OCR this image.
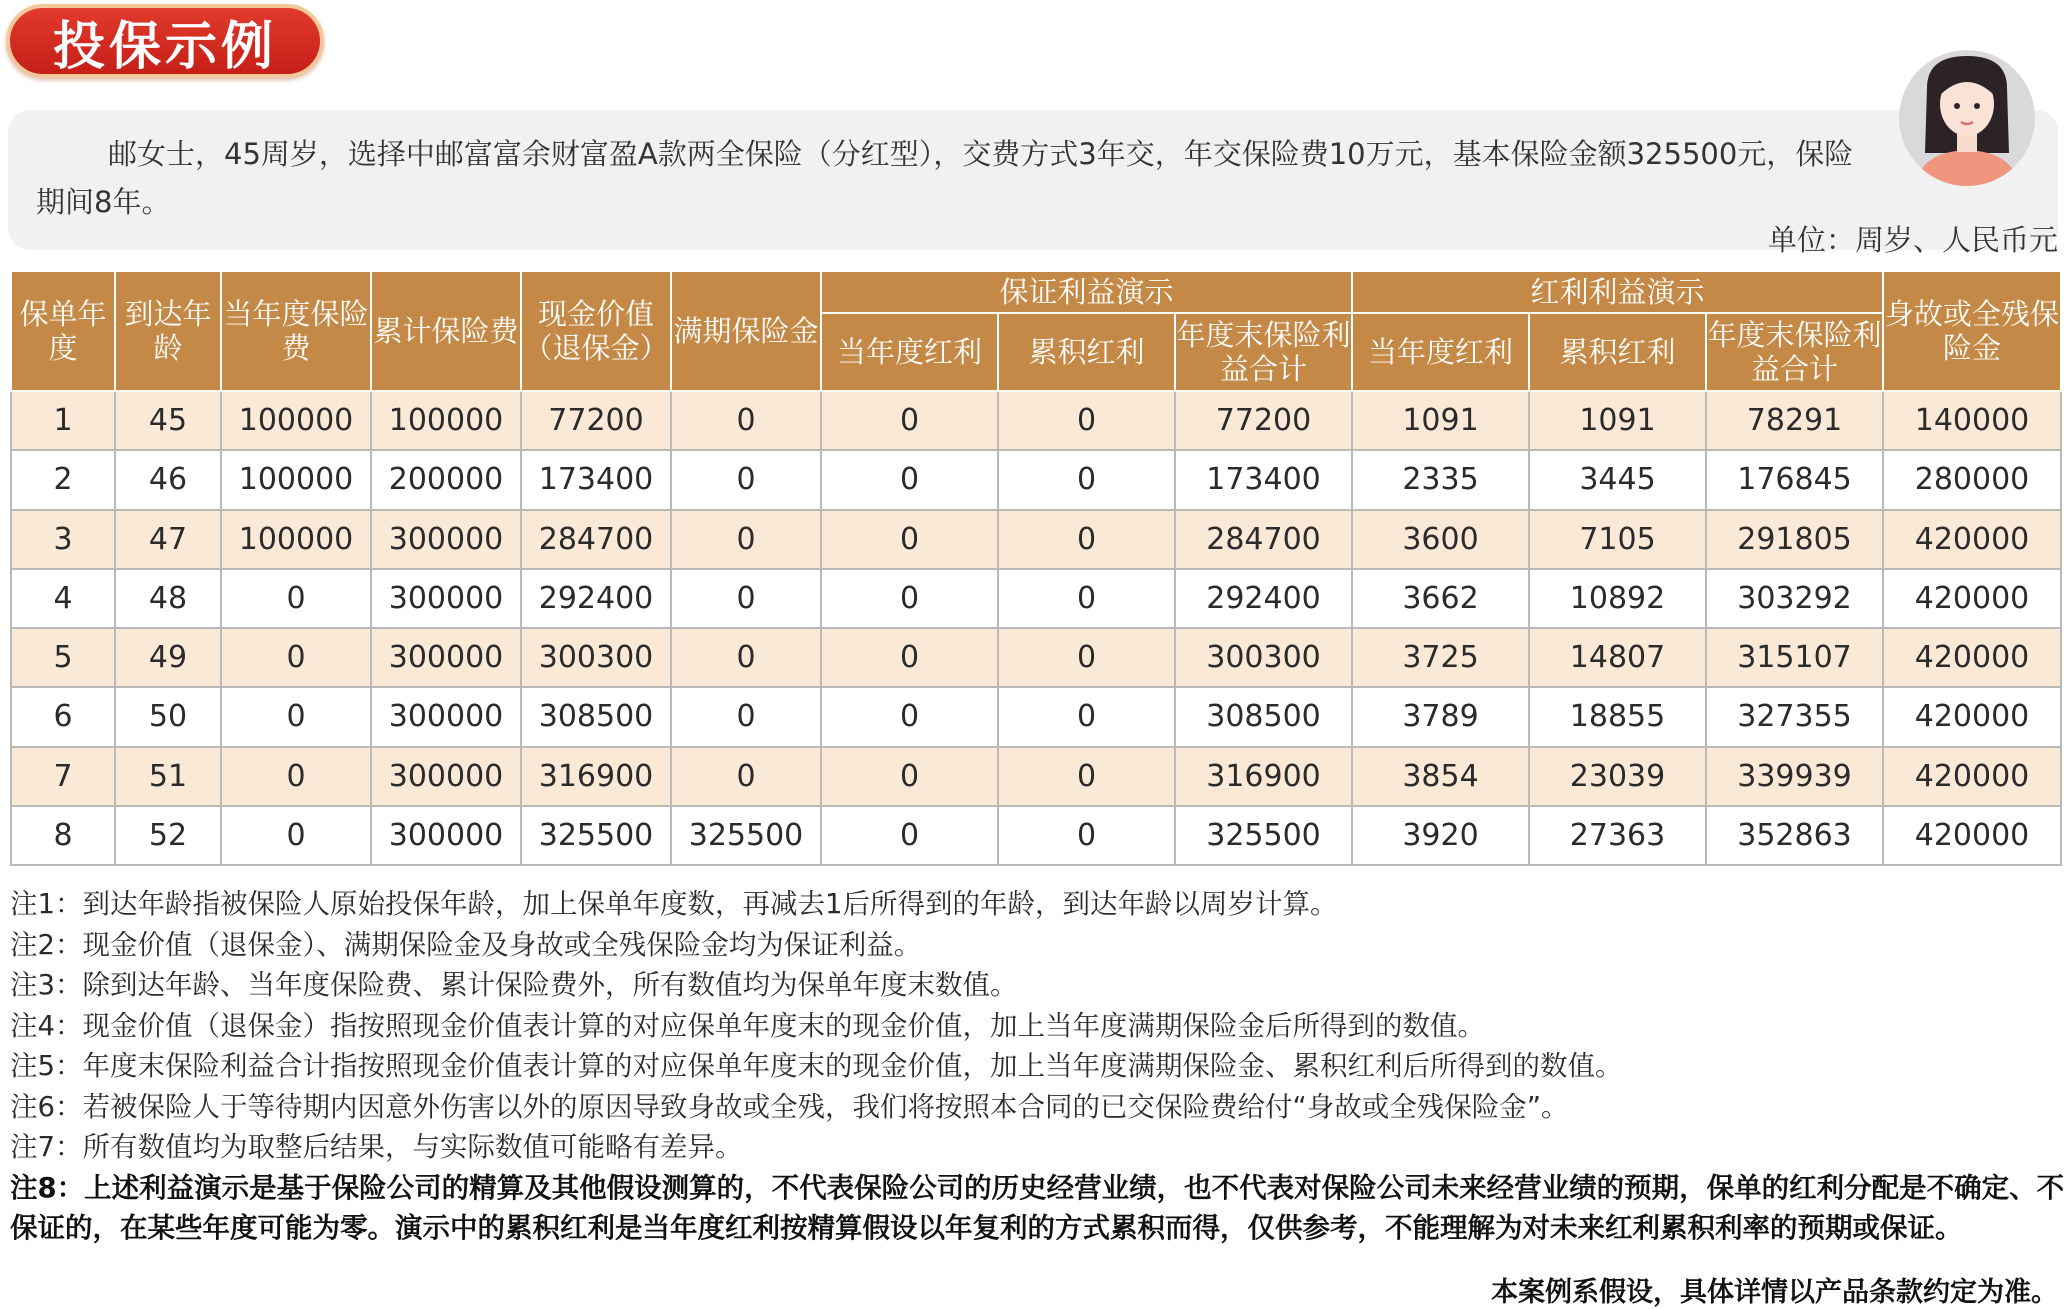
投保示例
邮女士，45周岁，选择中邮富富余财富盈A款两全保险（分红型），交费方式3年交，年交保险费10万元，基本保险金额325500元，保险期间8年。
单位：周岁、人民币元
保单年度	到达年龄	当年度保险费	累计保险费	现金价值（退保金）	满期保险金	保证利益演示			红利利益演示			身故或全残保险金
						当年度红利	累积红利	年度末保险利益合计	当年度红利	累积红利	年度末保险利益合计	
1	45	100000	100000	77200	0	0	0	77200	1091	1091	78291	140000
2	46	100000	200000	173400	0	0	0	173400	2335	3445	176845	280000
3	47	100000	300000	284700	0	0	0	284700	3600	7105	291805	420000
4	48	0	300000	292400	0	0	0	292400	3662	10892	303292	420000
5	49	0	300000	300300	0	0	0	300300	3725	14807	315107	420000
6	50	0	300000	308500	0	0	0	308500	3789	18855	327355	420000
7	51	0	300000	316900	0	0	0	316900	3854	23039	339939	420000
8	52	0	300000	325500	325500	0	0	325500	3920	27363	352863	420000
注1：到达年龄指被保险人原始投保年龄，加上保单年度数，再减去1后所得到的年龄，到达年龄以周岁计算。
注2：现金价值（退保金）、满期保险金及身故或全残保险金均为保证利益。
注3：除到达年龄、当年度保险费、累计保险费外，所有数值均为保单年度末数值。
注4：现金价值（退保金）指按照现金价值表计算的对应保单年度末的现金价值，加上当年度满期保险金后所得到的数值。
注5：年度末保险利益合计指按照现金价值表计算的对应保单年度末的现金价值，加上当年度满期保险金、累积红利后所得到的数值。
注6：若被保险人于等待期内因意外伤害以外的原因导致身故或全残，我们将按照本合同的已交保险费给付“身故或全残保险金”。
注7：所有数值均为取整后结果，与实际数值可能略有差异。
注8：上述利益演示是基于保险公司的精算及其他假设测算的，不代表保险公司的历史经营业绩，也不代表对保险公司未来经营业绩的预期，保单的红利分配是不确定、不保证的，在某些年度可能为零。演示中的累积红利是当年度红利按精算假设以年复利的方式累积而得，仅供参考，不能理解为对未来红利累积利率的预期或保证。
本案例系假设，具体详情以产品条款约定为准。
